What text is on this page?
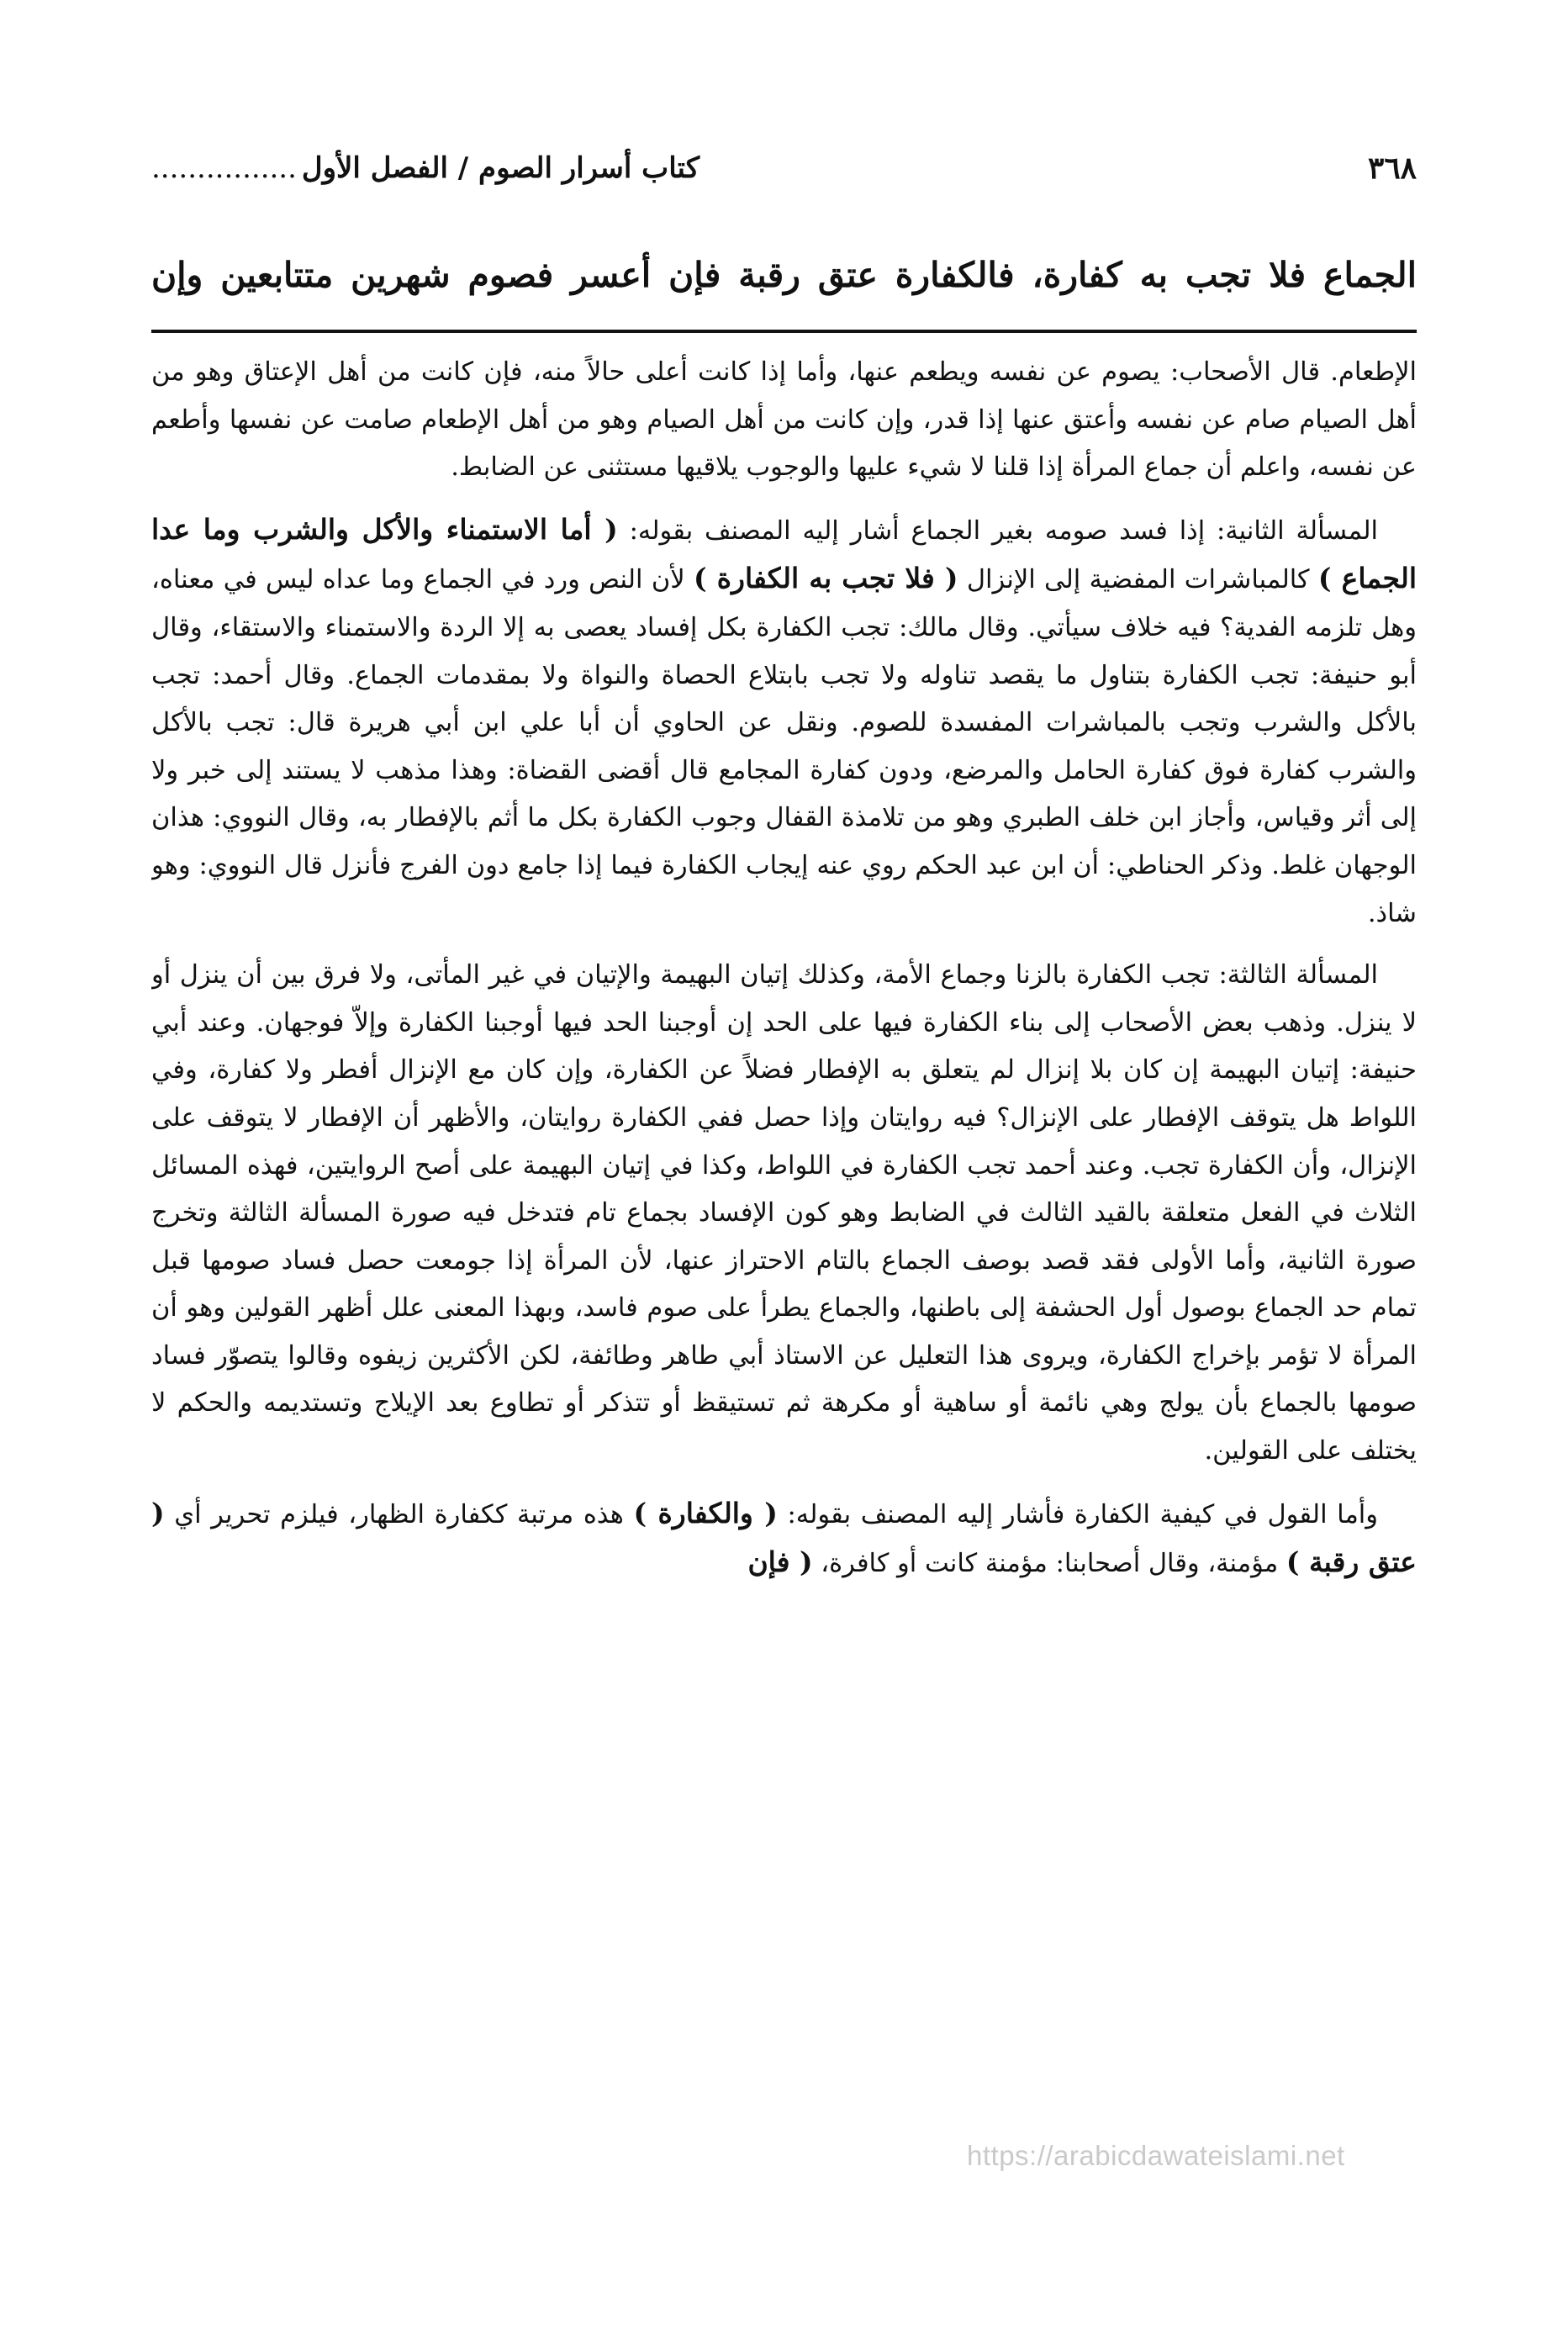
٣٦٨
كتاب أسرار الصوم / الفصل الأول................
الجماع فلا تجب به كفارة، فالكفارة عتق رقبة فإن أعسر فصوم شهرين متتابعين وإن

الإطعام. قال الأصحاب: يصوم عن نفسه ويطعم عنها، وأما إذا كانت أعلى حالاً منه، فإن كانت من أهل الإعتاق وهو من أهل الصيام صام عن نفسه وأعتق عنها إذا قدر، وإن كانت من أهل الصيام وهو من أهل الإطعام صامت عن نفسها وأطعم عن نفسه، واعلم أن جماع المرأة إذا قلنا لا شيء عليها والوجوب يلاقيها مستثنى عن الضابط.

المسألة الثانية: إذا فسد صومه بغير الجماع أشار إليه المصنف بقوله: ( أما الاستمناء والأكل والشرب وما عدا الجماع ) كالمباشرات المفضية إلى الإنزال ( فلا تجب به الكفارة ) لأن النص ورد في الجماع وما عداه ليس في معناه، وهل تلزمه الفدية؟ فيه خلاف سيأتي. وقال مالك: تجب الكفارة بكل إفساد يعصى به إلا الردة والاستمناء والاستقاء، وقال أبو حنيفة: تجب الكفارة بتناول ما يقصد تناوله ولا تجب بابتلاع الحصاة والنواة ولا بمقدمات الجماع. وقال أحمد: تجب بالأكل والشرب وتجب بالمباشرات المفسدة للصوم. ونقل عن الحاوي أن أبا علي ابن أبي هريرة قال: تجب بالأكل والشرب كفارة فوق كفارة الحامل والمرضع، ودون كفارة المجامع قال أقضى القضاة: وهذا مذهب لا يستند إلى خبر ولا إلى أثر وقياس، وأجاز ابن خلف الطبري وهو من تلامذة القفال وجوب الكفارة بكل ما أثم بالإفطار به، وقال النووي: هذان الوجهان غلط. وذكر الحناطي: أن ابن عبد الحكم روي عنه إيجاب الكفارة فيما إذا جامع دون الفرج فأنزل قال النووي: وهو شاذ.

المسألة الثالثة: تجب الكفارة بالزنا وجماع الأمة، وكذلك إتيان البهيمة والإتيان في غير المأتى، ولا فرق بين أن ينزل أو لا ينزل. وذهب بعض الأصحاب إلى بناء الكفارة فيها على الحد إن أوجبنا الحد فيها أوجبنا الكفارة وإلاّ فوجهان. وعند أبي حنيفة: إتيان البهيمة إن كان بلا إنزال لم يتعلق به الإفطار فضلاً عن الكفارة، وإن كان مع الإنزال أفطر ولا كفارة، وفي اللواط هل يتوقف الإفطار على الإنزال؟ فيه روايتان وإذا حصل ففي الكفارة روايتان، والأظهر أن الإفطار لا يتوقف على الإنزال، وأن الكفارة تجب. وعند أحمد تجب الكفارة في اللواط، وكذا في إتيان البهيمة على أصح الروايتين، فهذه المسائل الثلاث في الفعل متعلقة بالقيد الثالث في الضابط وهو كون الإفساد بجماع تام فتدخل فيه صورة المسألة الثالثة وتخرج صورة الثانية، وأما الأولى فقد قصد بوصف الجماع بالتام الاحتراز عنها، لأن المرأة إذا جومعت حصل فساد صومها قبل تمام حد الجماع بوصول أول الحشفة إلى باطنها، والجماع يطرأ على صوم فاسد، وبهذا المعنى علل أظهر القولين وهو أن المرأة لا تؤمر بإخراج الكفارة، ويروى هذا التعليل عن الاستاذ أبي طاهر وطائفة، لكن الأكثرين زيفوه وقالوا يتصوّر فساد صومها بالجماع بأن يولج وهي نائمة أو ساهية أو مكرهة ثم تستيقظ أو تتذكر أو تطاوع بعد الإيلاج وتستديمه والحكم لا يختلف على القولين.

وأما القول في كيفية الكفارة فأشار إليه المصنف بقوله: ( والكفارة ) هذه مرتبة ككفارة الظهار، فيلزم تحرير أي ( عتق رقبة ) مؤمنة، وقال أصحابنا: مؤمنة كانت أو كافرة، ( فإن

https://arabicdawateislami.net
